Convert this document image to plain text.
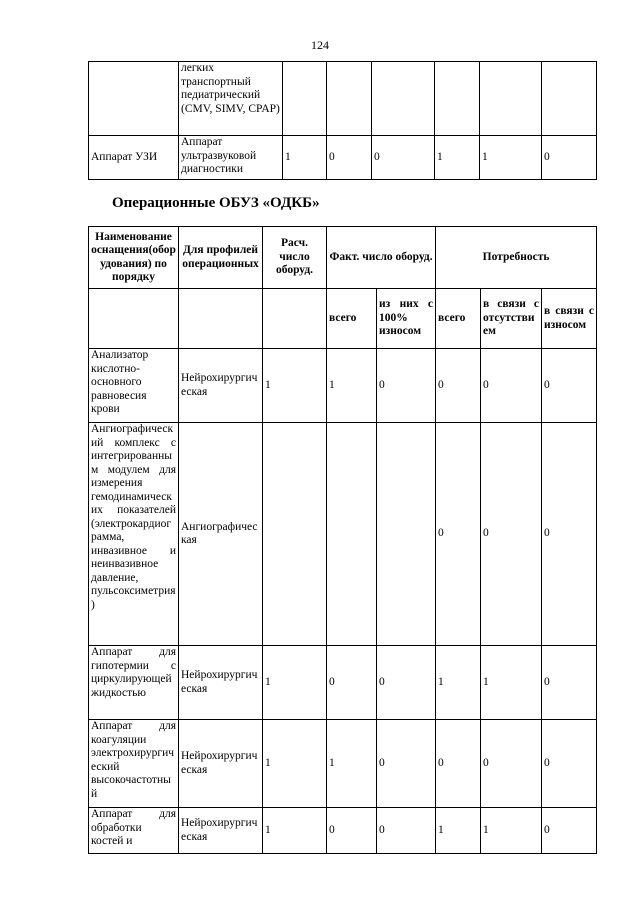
124
	легких транспортный педиатрический (CMV, SIMV, CPAP)						
Аппарат УЗИ	Аппарат ультразвуковой диагностики	1	0	0	1	1	0
Операционные ОБУЗ «ОДКБ»
Наименование оснащения(оборудования) по порядку	Для профилей операционных	Расч. число оборуд.	Факт. число оборуд.		Потребность		
			всего	из них с 100% износом	всего	в связи с отсутствием	в связи с износом
Анализатор кислотно-основного равновесия крови	Нейрохирургическая	1	1	0	0	0	0
Ангиографический комплекс с интегрированным модулем для измерения гемодинамических показателей (электрокардиограмма, инвазивное и неинвазивное давление, пульсоксиметрия)	Ангиографическая				0	0	0
Аппарат для гипотермии с циркулирующей жидкостью	Нейрохирургическая	1	0	0	1	1	0
Аппарат для коагуляции электрохирургический высокочастотный	Нейрохирургическая	1	1	0	0	0	0
Аппарат для обработки костей и	Нейрохирургическая	1	0	0	1	1	0
